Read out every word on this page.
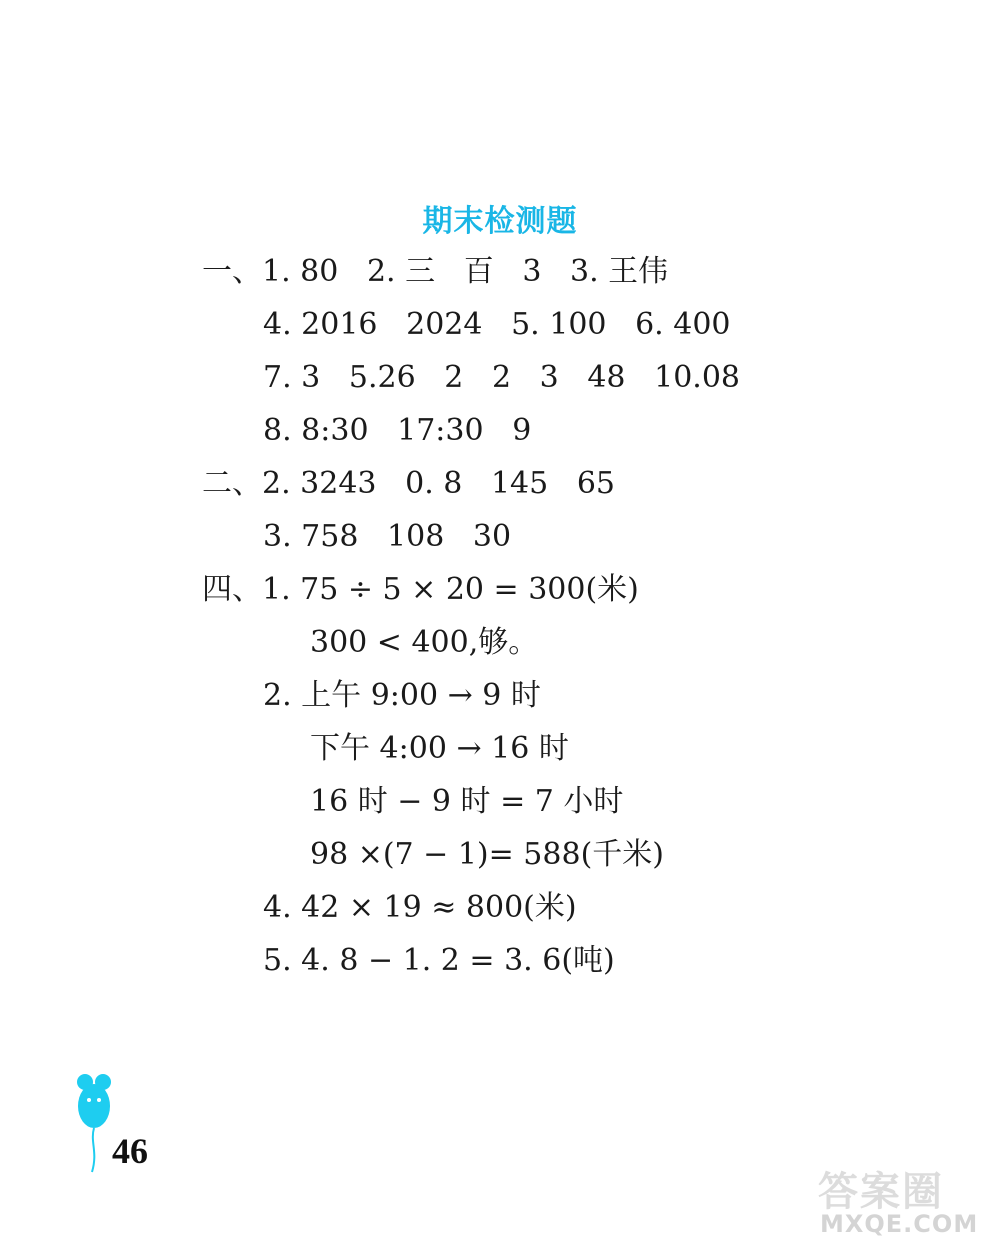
期末检测题
一、1. 80   2. 三   百   3   3. 王伟
4. 2016   2024   5. 100   6. 400
7. 3   5.26   2   2   3   48   10.08
8. 8:30   17:30   9
二、2. 3243   0. 8   145   65
3. 758   108   30
四、1. 75 ÷ 5 × 20 = 300(米)
300 < 400,够。
2. 上午 9:00 → 9 时
下午 4:00 → 16 时
16 时 − 9 时 = 7 小时
98 ×(7 − 1)= 588(千米)
4. 42 × 19 ≈ 800(米)
5. 4. 8 − 1. 2 = 3. 6(吨)
46
答案圈
MXQE.COM
